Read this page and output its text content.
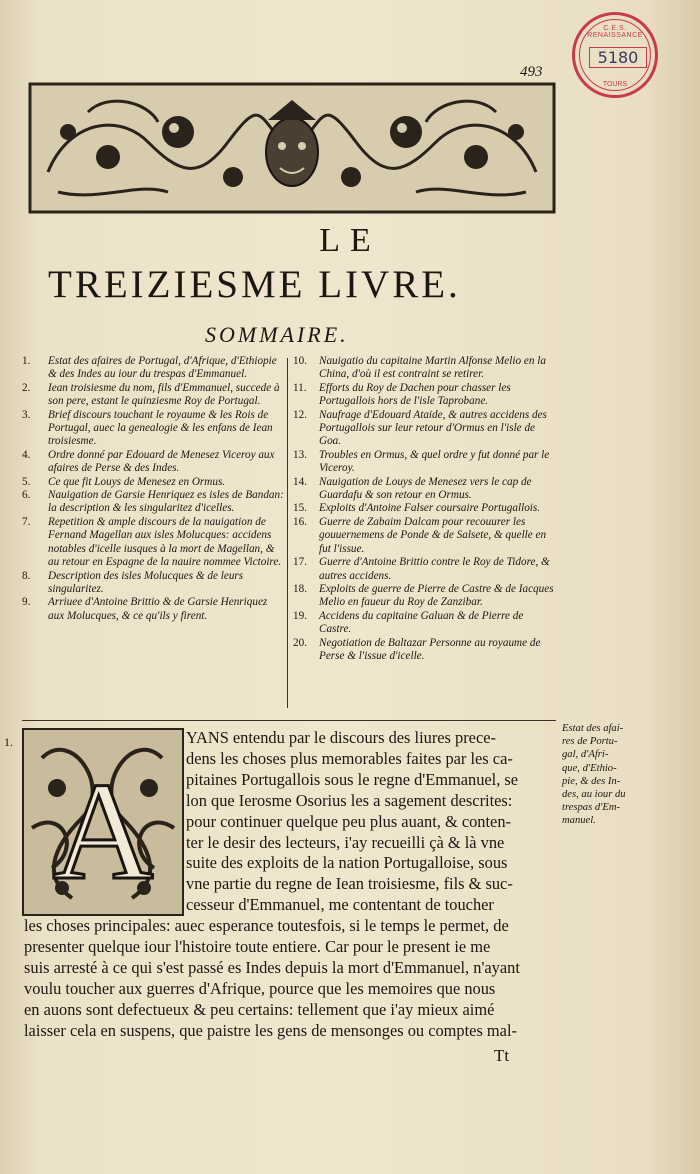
493
C.E.S. RENAISSANCE
5180
TOURS
LE
TREIZIESME LIVRE.
SOMMAIRE.
1. Estat des afaires de Portugal, d'Afrique, d'Ethiopie & des Indes au iour du trespas d'Emmanuel.
2. Iean troisiesme du nom, fils d'Emmanuel, succede à son pere, estant le quinziesme Roy de Portugal.
3. Brief discours touchant le royaume & les Rois de Portugal, auec la genealogie & les enfans de Iean troisiesme.
4. Ordre donné par Edouard de Menesez Viceroy aux afaires de Perse & des Indes.
5. Ce que fit Louys de Menesez en Ormus.
6. Nauigation de Garsie Henriquez es isles de Bandan: la description & les singularitez d'icelles.
7. Repetition & ample discours de la nauigation de Fernand Magellan aux isles Molucques: accidens notables d'icelle iusques à la mort de Magellan, & au retour en Espagne de la nauire nommee Victoire.
8. Description des isles Molucques & de leurs singularitez.
9. Arriuee d'Antoine Brittio & de Garsie Henriquez aux Molucques, & ce qu'ils y firent.
10. Nauigatio du capitaine Martin Alfonse Melio en la China, d'où il est contraint se retirer.
11. Efforts du Roy de Dachen pour chasser les Portugallois hors de l'isle Taprobane.
12. Naufrage d'Edouard Ataide, & autres accidens des Portugallois sur leur retour d'Ormus en l'isle de Goa.
13. Troubles en Ormus, & quel ordre y fut donné par le Viceroy.
14. Nauigation de Louys de Menesez vers le cap de Guardafu & son retour en Ormus.
15. Exploits d'Antoine Falser coursaire Portugallois.
16. Guerre de Zabaim Dalcam pour recouurer les gouuernemens de Ponde & de Salsete, & quelle en fut l'issue.
17. Guerre d'Antoine Brittio contre le Roy de Tidore, & autres accidens.
18. Exploits de guerre de Pierre de Castre & de Iacques Melio en faueur du Roy de Zanzibar.
19. Accidens du capitaine Galuan & de Pierre de Castre.
20. Negotiation de Baltazar Personne au royaume de Perse & l'issue d'icelle.
1.
A
YANS entendu par le discours des liures prece-
dens les choses plus memorables faites par les ca-
pitaines Portugallois sous le regne d'Emmanuel, se
lon que Ierosme Osorius les a sagement descrites:
pour continuer quelque peu plus auant, & conten-
ter le desir des lecteurs, i'ay recueilli çà & là vne
suite des exploits de la nation Portugalloise, sous
vne partie du regne de Iean troisiesme, fils & suc-
cesseur d'Emmanuel, me contentant de toucher
les choses principales: auec esperance toutesfois, si le temps le permet, de
presenter quelque iour l'histoire toute entiere. Car pour le present ie me
suis arresté à ce qui s'est passé es Indes depuis la mort d'Emmanuel, n'ayant
voulu toucher aux guerres d'Afrique, pource que les memoires que nous
en auons sont defectueux & peu certains: tellement que i'ay mieux aimé
laisser cela en suspens, que paistre les gens de mensonges ou comptes mal-
Estat des afai-
res de Portu-
gal, d'Afri-
que, d'Ethio-
pie, & des In-
des, au iour du
trespas d'Em-
manuel.
Tt
